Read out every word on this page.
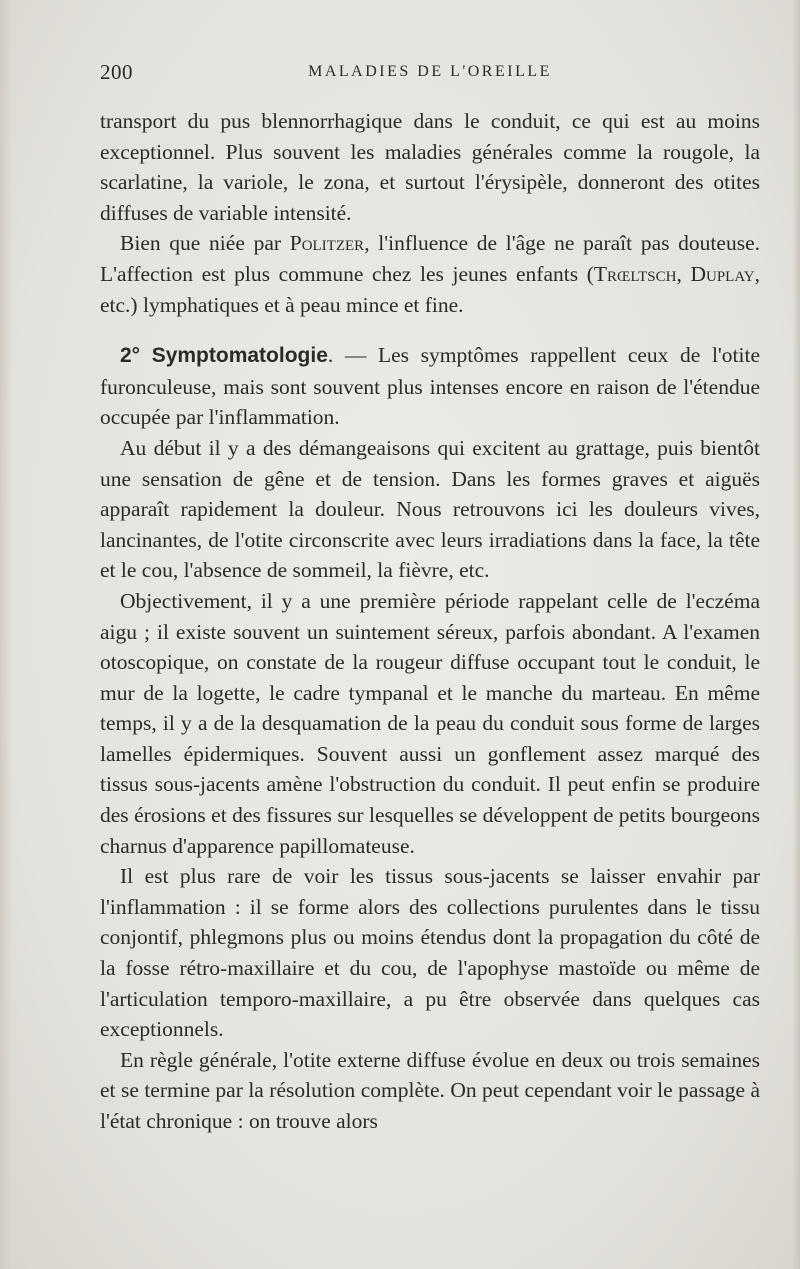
200	MALADIES DE L'OREILLE

transport du pus blennorrhagique dans le conduit, ce qui est au moins exceptionnel. Plus souvent les maladies générales comme la rougole, la scarlatine, la variole, le zona, et surtout l'érysipèle, donneront des otites diffuses de variable intensité.

Bien que niée par Politzer, l'influence de l'âge ne paraît pas douteuse. L'affection est plus commune chez les jeunes enfants (Trœltsch, Duplay, etc.) lymphatiques et à peau mince et fine.

2° Symptomatologie. — Les symptômes rappellent ceux de l'otite furonculeuse, mais sont souvent plus intenses encore en raison de l'étendue occupée par l'inflammation.

Au début il y a des démangeaisons qui excitent au grattage, puis bientôt une sensation de gêne et de tension. Dans les formes graves et aiguës apparaît rapidement la douleur. Nous retrouvons ici les douleurs vives, lancinantes, de l'otite circonscrite avec leurs irradiations dans la face, la tête et le cou, l'absence de sommeil, la fièvre, etc.

Objectivement, il y a une première période rappelant celle de l'eczéma aigu ; il existe souvent un suintement séreux, parfois abondant. A l'examen otoscopique, on constate de la rougeur diffuse occupant tout le conduit, le mur de la logette, le cadre tympanal et le manche du marteau. En même temps, il y a de la desquamation de la peau du conduit sous forme de larges lamelles épidermiques. Souvent aussi un gonflement assez marqué des tissus sous-jacents amène l'obstruction du conduit. Il peut enfin se produire des érosions et des fissures sur lesquelles se développent de petits bourgeons charnus d'apparence papillomateuse.

Il est plus rare de voir les tissus sous-jacents se laisser envahir par l'inflammation : il se forme alors des collections purulentes dans le tissu conjontif, phlegmons plus ou moins étendus dont la propagation du côté de la fosse rétro-maxillaire et du cou, de l'apophyse mastoïde ou même de l'articulation temporo-maxillaire, a pu être observée dans quelques cas exceptionnels.

En règle générale, l'otite externe diffuse évolue en deux ou trois semaines et se termine par la résolution complète. On peut cependant voir le passage à l'état chronique : on trouve alors
